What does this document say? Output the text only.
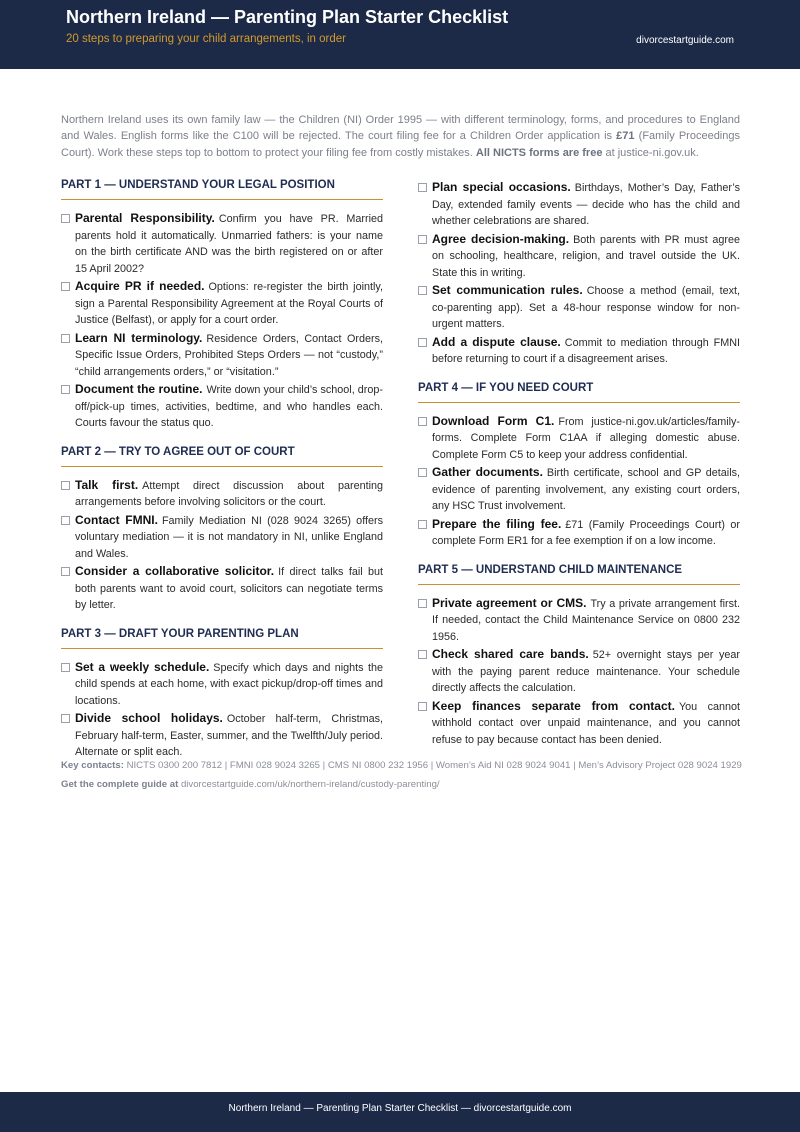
Northern Ireland — Parenting Plan Starter Checklist
20 steps to preparing your child arrangements, in order	divorcestartguide.com
Northern Ireland uses its own family law — the Children (NI) Order 1995 — with different terminology, forms, and procedures to England and Wales. English forms like the C100 will be rejected. The court filing fee for a Children Order application is £71 (Family Proceedings Court). Work these steps top to bottom to protect your filing fee from costly mistakes. All NICTS forms are free at justice-ni.gov.uk.
PART 1 — UNDERSTAND YOUR LEGAL POSITION
Parental Responsibility. Confirm you have PR. Married parents hold it automatically. Unmarried fathers: is your name on the birth certificate AND was the birth registered on or after 15 April 2002?
Acquire PR if needed. Options: re-register the birth jointly, sign a Parental Responsibility Agreement at the Royal Courts of Justice (Belfast), or apply for a court order.
Learn NI terminology. Residence Orders, Contact Orders, Specific Issue Orders, Prohibited Steps Orders — not “custody,” “child arrangements orders,” or “visitation.”
Document the routine. Write down your child’s school, drop-off/pick-up times, activities, bedtime, and who handles each. Courts favour the status quo.
PART 2 — TRY TO AGREE OUT OF COURT
Talk first. Attempt direct discussion about parenting arrangements before involving solicitors or the court.
Contact FMNI. Family Mediation NI (028 9024 3265) offers voluntary mediation — it is not mandatory in NI, unlike England and Wales.
Consider a collaborative solicitor. If direct talks fail but both parents want to avoid court, solicitors can negotiate terms by letter.
PART 3 — DRAFT YOUR PARENTING PLAN
Set a weekly schedule. Specify which days and nights the child spends at each home, with exact pickup/drop-off times and locations.
Divide school holidays. October half-term, Christmas, February half-term, Easter, summer, and the Twelfth/July period. Alternate or split each.
Plan special occasions. Birthdays, Mother’s Day, Father’s Day, extended family events — decide who has the child and whether celebrations are shared.
Agree decision-making. Both parents with PR must agree on schooling, healthcare, religion, and travel outside the UK. State this in writing.
Set communication rules. Choose a method (email, text, co-parenting app). Set a 48-hour response window for non-urgent matters.
Add a dispute clause. Commit to mediation through FMNI before returning to court if a disagreement arises.
PART 4 — IF YOU NEED COURT
Download Form C1. From justice-ni.gov.uk/articles/family-forms. Complete Form C1AA if alleging domestic abuse. Complete Form C5 to keep your address confidential.
Gather documents. Birth certificate, school and GP details, evidence of parenting involvement, any existing court orders, any HSC Trust involvement.
Prepare the filing fee. £71 (Family Proceedings Court) or complete Form ER1 for a fee exemption if on a low income.
PART 5 — UNDERSTAND CHILD MAINTENANCE
Private agreement or CMS. Try a private arrangement first. If needed, contact the Child Maintenance Service on 0800 232 1956.
Check shared care bands. 52+ overnight stays per year with the paying parent reduce maintenance. Your schedule directly affects the calculation.
Keep finances separate from contact. You cannot withhold contact over unpaid maintenance, and you cannot refuse to pay because contact has been denied.
Key contacts: NICTS 0300 200 7812 | FMNI 028 9024 3265 | CMS NI 0800 232 1956 | Women’s Aid NI 028 9024 9041 | Men’s Advisory Project 028 9024 1929
Get the complete guide at divorcestartguide.com/uk/northern-ireland/custody-parenting/
Northern Ireland — Parenting Plan Starter Checklist — divorcestartguide.com
